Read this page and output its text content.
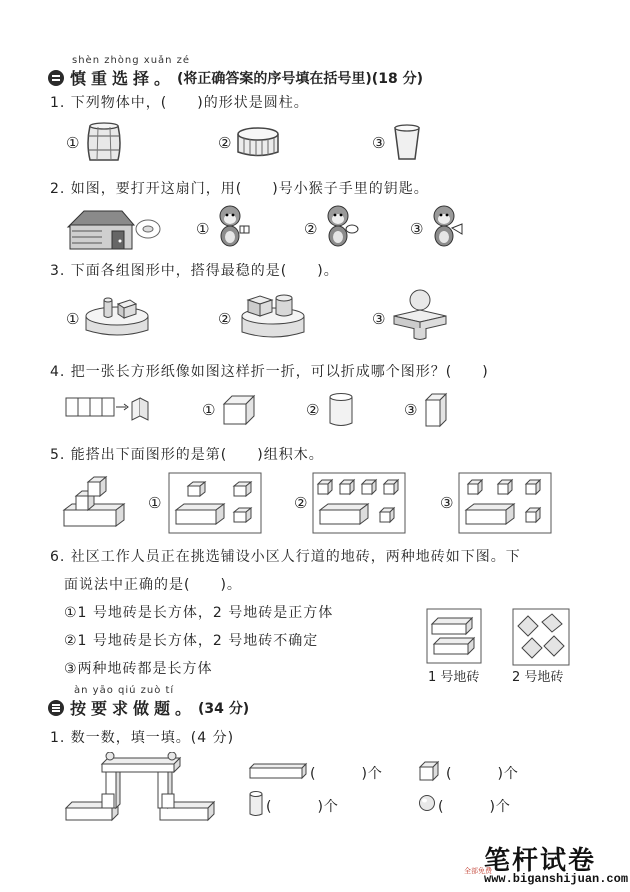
shèn zhòng xuǎn zé
慎重选择。 (将正确答案的序号填在括号里)(18 分)
1. 下列物体中，(　　)的形状是圆柱。
①	②	③
2. 如图，要打开这扇门，用(　　)号小猴子手里的钥匙。
①	②	③
3. 下面各组图形中，搭得最稳的是(　　)。
①	②	③
4. 把一张长方形纸像如图这样折一折，可以折成哪个图形？(　　)
①	②	③
5. 能搭出下面图形的是第(　　)组积木。
①	②	③
6. 社区工作人员正在挑选铺设小区人行道的地砖，两种地砖如下图。下
面说法中正确的是(　　)。
①1 号地砖是长方体，2 号地砖是正方体
②1 号地砖是长方体，2 号地砖不确定
③两种地砖都是长方体
1 号地砖	2 号地砖
àn yāo qiú zuò tí
按要求做题。 (34 分)
1. 数一数，填一填。(4 分)
(　　　)个	(　　　)个
(　　　)个	(　　　)个
笔杆试卷
全部免费
www.biganshijuan.com
